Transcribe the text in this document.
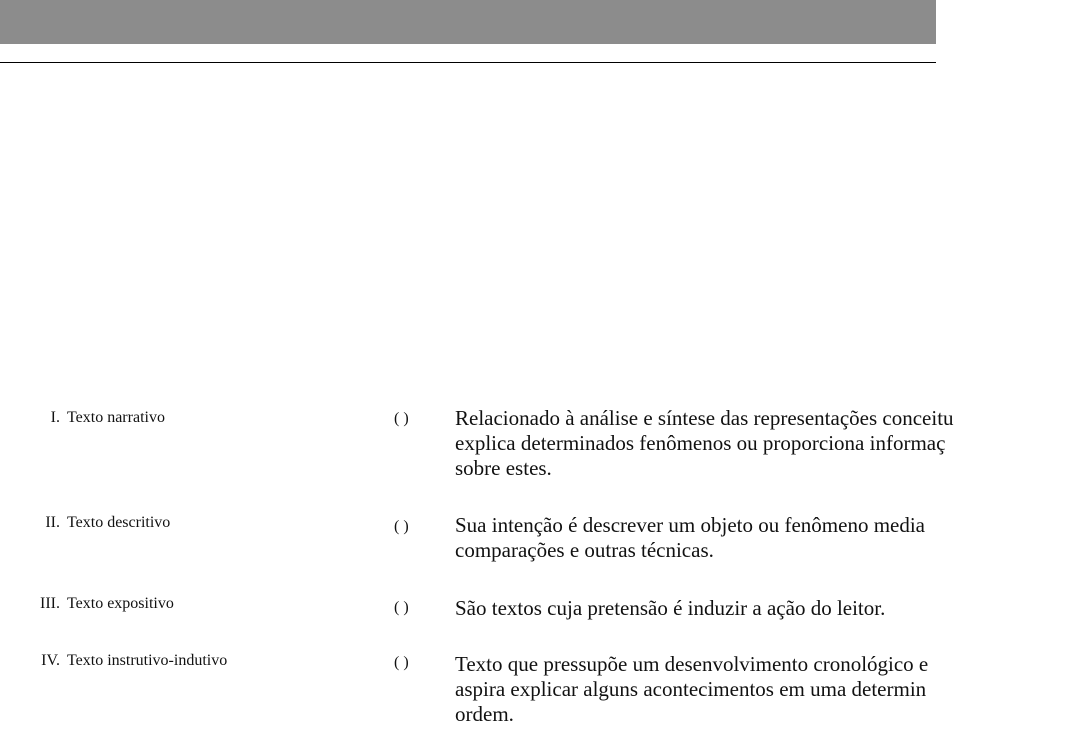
I. Texto narrativo
II. Texto descritivo
III. Texto expositivo
IV. Texto instrutivo-indutivo
( ) Relacionado à análise e síntese das representações conceitu
explica determinados fenômenos ou proporciona informaç
sobre estes.
( ) Sua intenção é descrever um objeto ou fenômeno media
comparações e outras técnicas.
( ) São textos cuja pretensão é induzir a ação do leitor.
( ) Texto que pressupõe um desenvolvimento cronológico e
aspira explicar alguns acontecimentos em uma determin
ordem.
